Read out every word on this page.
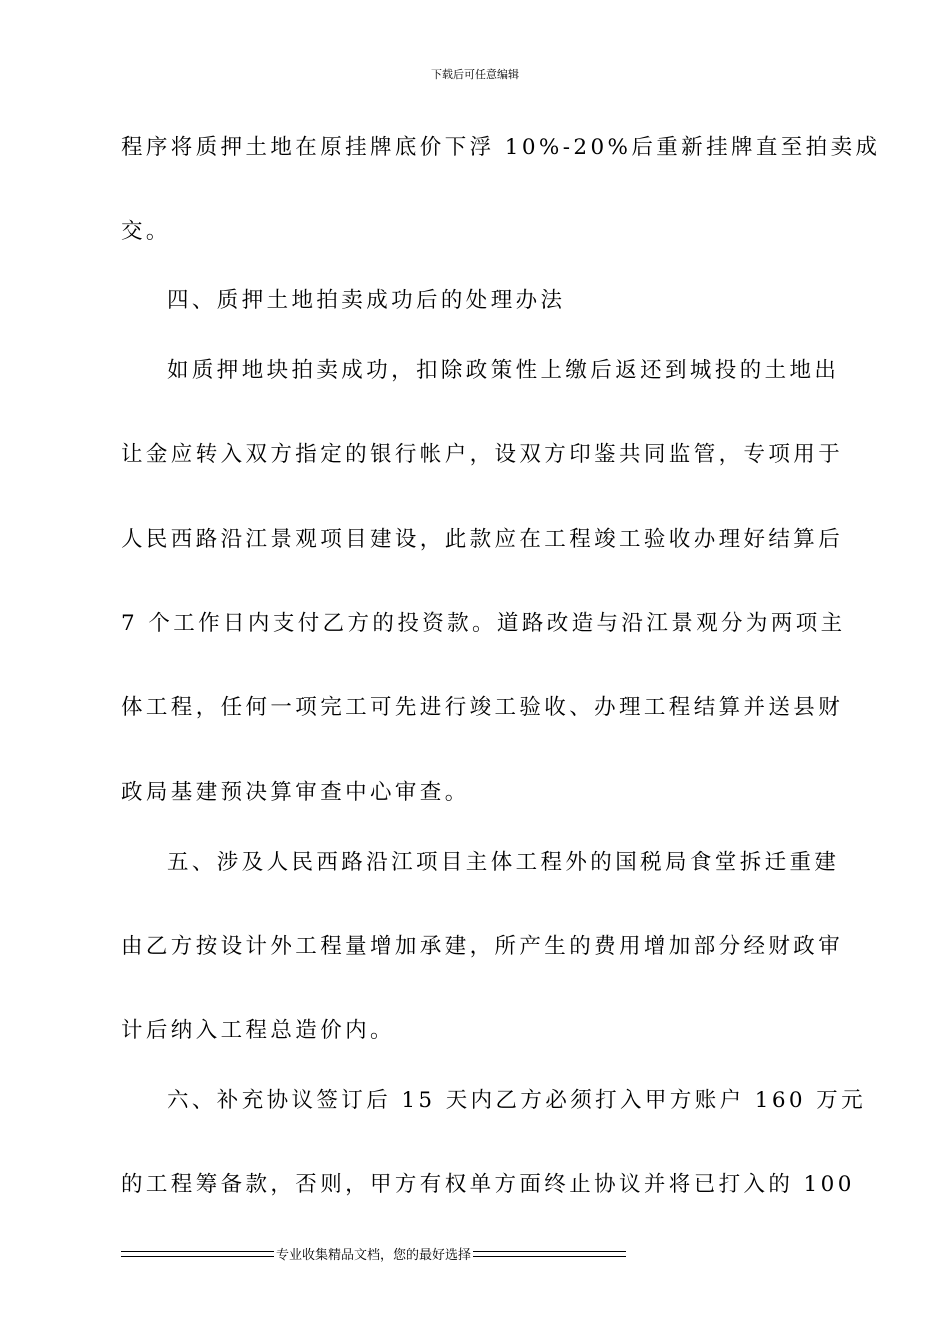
下载后可任意编辑
程序将质押土地在原挂牌底价下浮 10%-20%后重新挂牌直至拍卖成
交。
四、质押土地拍卖成功后的处理办法
如质押地块拍卖成功，扣除政策性上缴后返还到城投的土地出
让金应转入双方指定的银行帐户，设双方印鉴共同监管，专项用于
人民西路沿江景观项目建设，此款应在工程竣工验收办理好结算后
7 个工作日内支付乙方的投资款。道路改造与沿江景观分为两项主
体工程，任何一项完工可先进行竣工验收、办理工程结算并送县财
政局基建预决算审查中心审查。
五、涉及人民西路沿江项目主体工程外的国税局食堂拆迁重建
由乙方按设计外工程量增加承建，所产生的费用增加部分经财政审
计后纳入工程总造价内。
六、补充协议签订后 15 天内乙方必须打入甲方账户 160 万元
的工程筹备款，否则，甲方有权单方面终止协议并将已打入的 100
专业收集精品文档，您的最好选择
